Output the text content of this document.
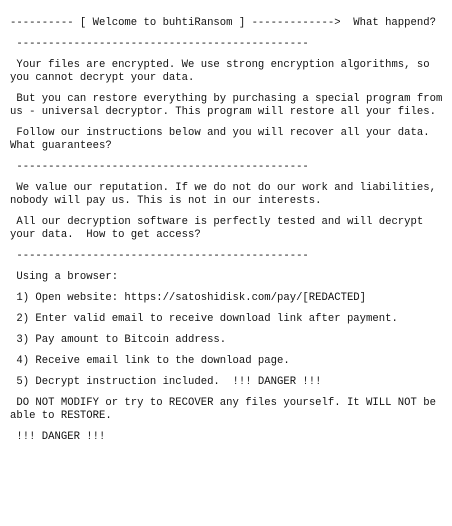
---------- [ Welcome to buhtiRansom ] ------------->  What happend?

----------------------------------------------

Your files are encrypted. We use strong encryption algorithms, so you cannot decrypt your data.

But you can restore everything by purchasing a special program from us - universal decryptor. This program will restore all your files.

Follow our instructions below and you will recover all your data.  What guarantees?

----------------------------------------------

We value our reputation. If we do not do our work and liabilities, nobody will pay us. This is not in our interests.

All our decryption software is perfectly tested and will decrypt your data.  How to get access?

----------------------------------------------

Using a browser:

1) Open website: https://satoshidisk.com/pay/[REDACTED]

2) Enter valid email to receive download link after payment.

3) Pay amount to Bitcoin address.

4) Receive email link to the download page.

5) Decrypt instruction included.  !!! DANGER !!!

DO NOT MODIFY or try to RECOVER any files yourself. It WILL NOT be able to RESTORE.

!!! DANGER !!!
